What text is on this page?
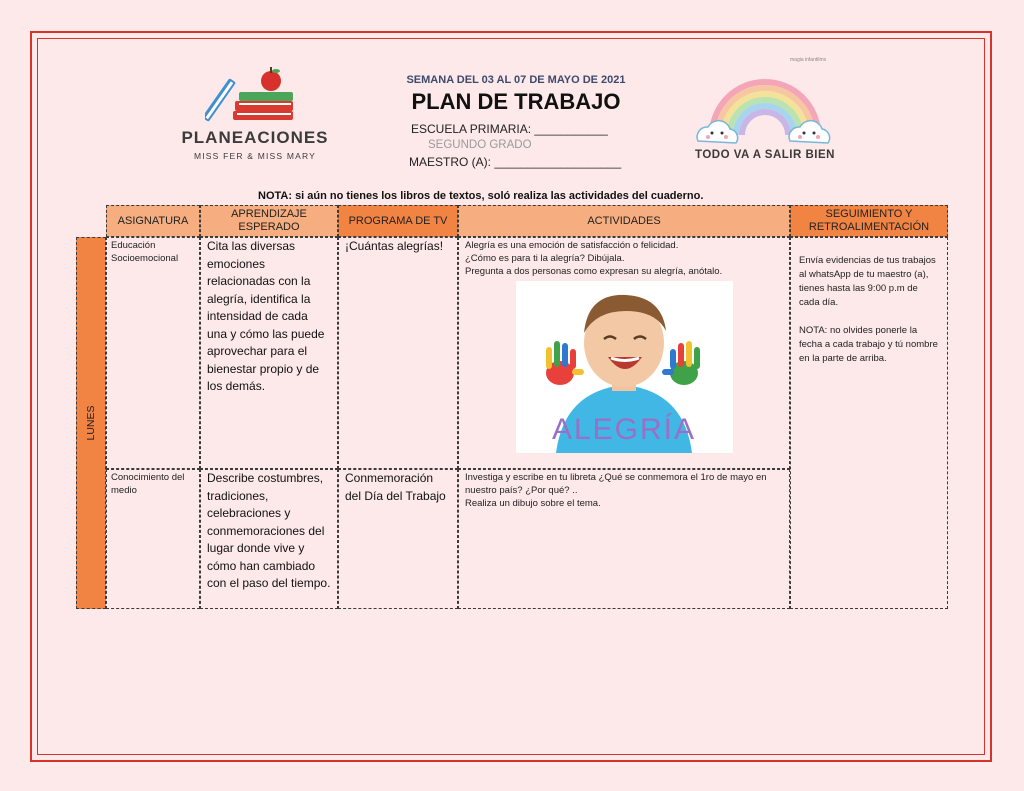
PLANEACIONES
MISS FER & MISS MARY
SEMANA DEL 03 AL 07 DE MAYO DE 2021
PLAN DE TRABAJO
ESCUELA PRIMARIA: ___________
SEGUNDO GRADO
MAESTRO (A): ___________________
magia infantilmx
TODO VA A SALIR BIEN
NOTA: si aún no tienes los libros de textos, soló realiza las actividades del cuaderno.
ASIGNATURA
APRENDIZAJE ESPERADO
PROGRAMA DE TV	ACTIVIDADES
SEGUIMIENTO Y RETROALIMENTACIÓN
LUNES
Educación Socioemocional
Cita las diversas emociones relacionadas con la alegría, identifica la intensidad de cada una y cómo las puede aprovechar para el bienestar propio y de los demás.
¡Cuántas alegrías!	Alegría es una emoción de satisfacción o felicidad.
¿Cómo es para ti la alegría? Dibújala.
Pregunta a dos personas como expresan su alegría, anótalo.
Conocimiento del medio
Describe costumbres, tradiciones, celebraciones y conmemoraciones del lugar donde vive y cómo han cambiado con el paso del tiempo.
Conmemoración del Día del Trabajo
Investiga y escribe en tu libreta ¿Qué se conmemora el 1ro de mayo en nuestro país? ¿Por qué? ..
Realiza un dibujo sobre el tema.
Envía evidencias de tus trabajos al whatsApp de tu maestro (a), tienes hasta las 9:00 p.m de cada día.
NOTA: no olvides ponerle la fecha a cada trabajo y tú nombre en la parte de arriba.
ALEGRÍA
